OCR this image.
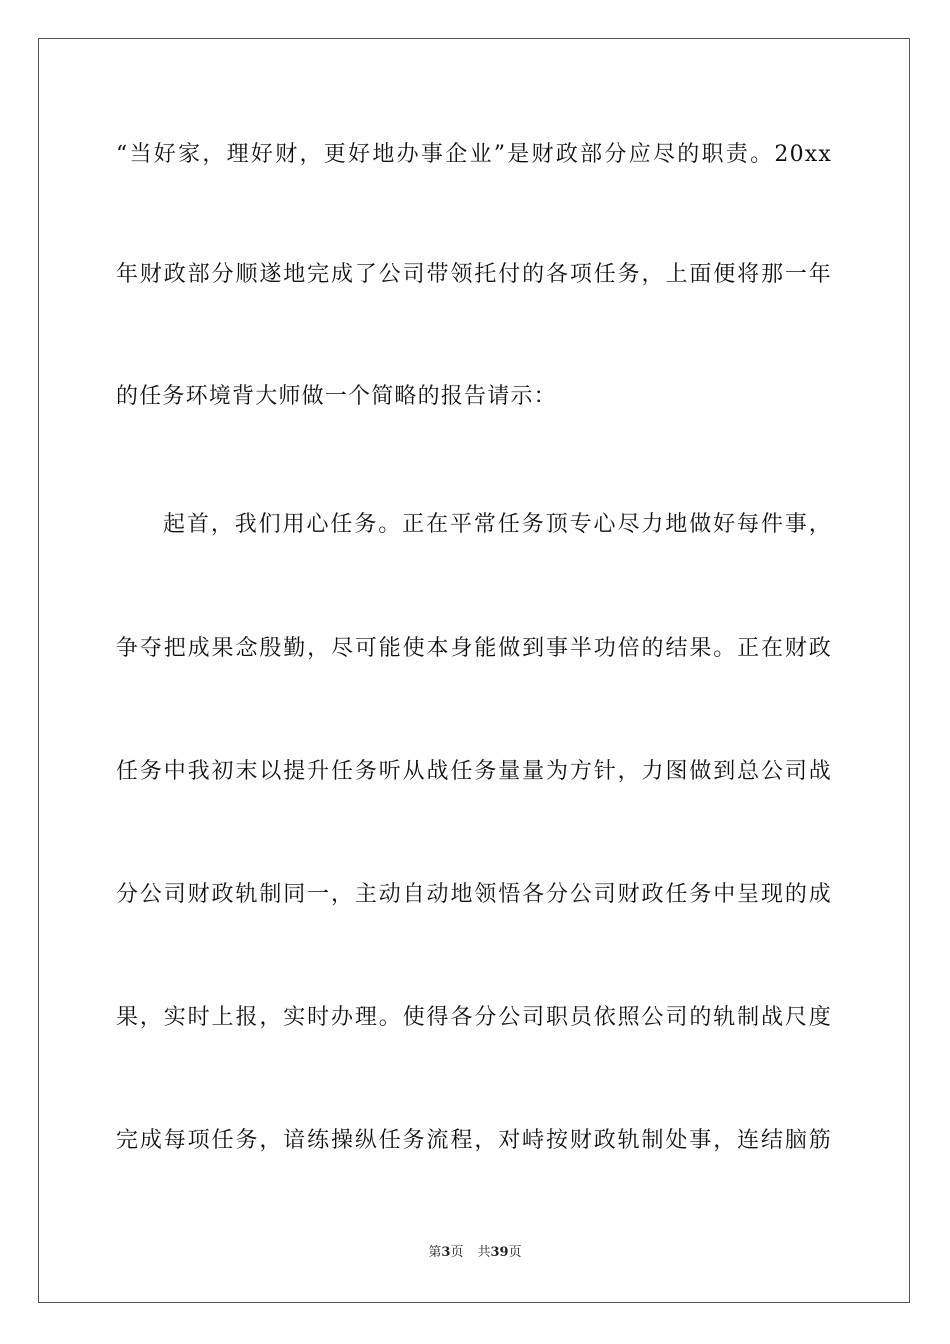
“当好家，理好财，更好地办事企业”是财政部分应尽的职责。20xx
年财政部分顺遂地完成了公司带领托付的各项任务，上面便将那一年
的任务环境背大师做一个简略的报告请示：
起首，我们用心任务。正在平常任务顶专心尽力地做好每件事，
争夺把成果念殷勤，尽可能使本身能做到事半功倍的结果。正在财政
任务中我初末以提升任务听从战任务量量为方针，力图做到总公司战
分公司财政轨制同一，主动自动地领悟各分公司财政任务中呈现的成
果，实时上报，实时办理。使得各分公司职员依照公司的轨制战尺度
完成每项任务，谙练操纵任务流程，对峙按财政轨制处事，连结脑筋
第3页 共39页
